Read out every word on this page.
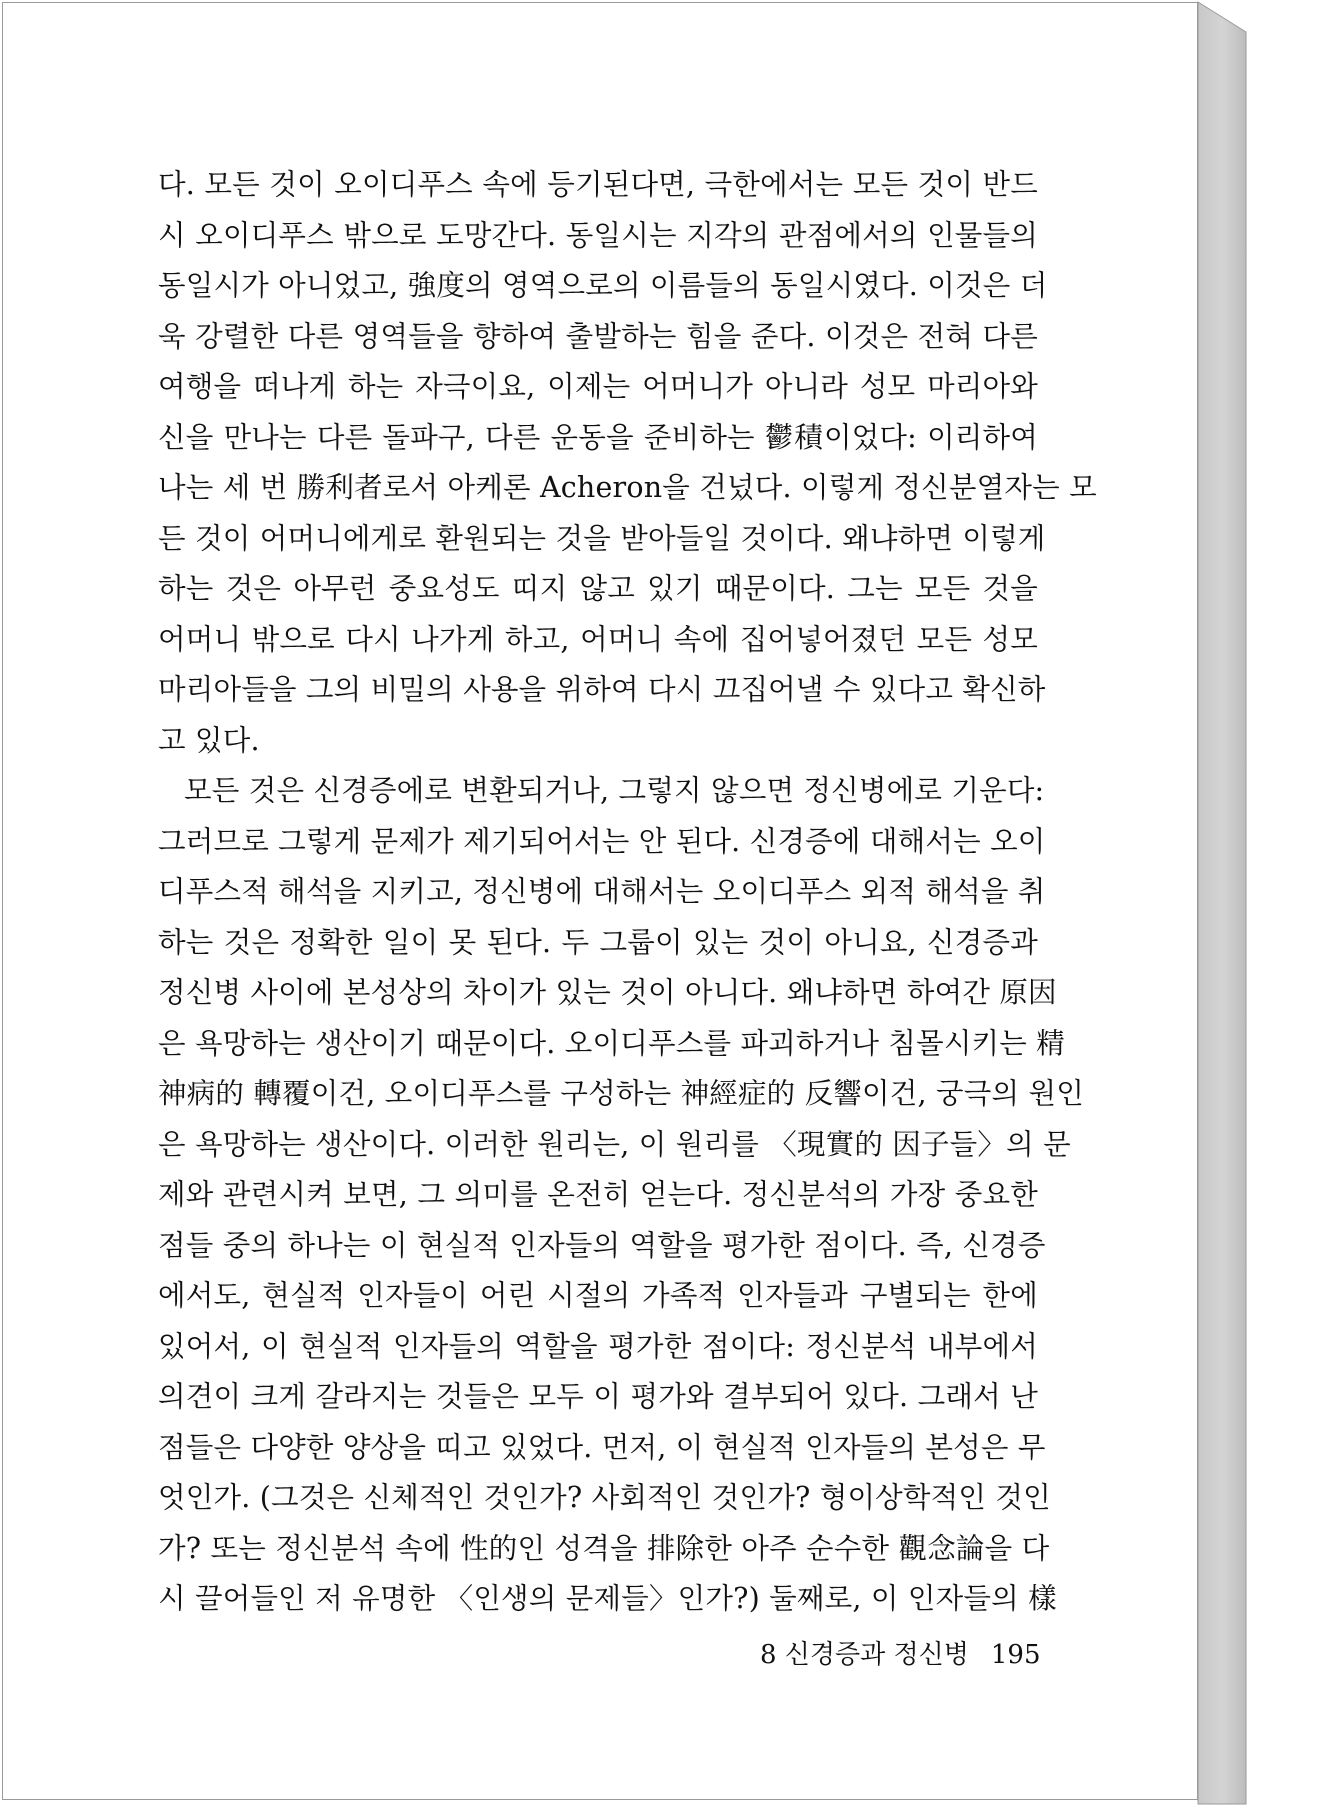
다. 모든 것이 오이디푸스 속에 등기된다면, 극한에서는 모든 것이 반드
시 오이디푸스 밖으로 도망간다. 동일시는 지각의 관점에서의 인물들의
동일시가 아니었고, 強度의 영역으로의 이름들의 동일시였다. 이것은 더
욱 강렬한 다른 영역들을 향하여 출발하는 힘을 준다. 이것은 전혀 다른
여행을 떠나게 하는 자극이요, 이제는 어머니가 아니라 성모 마리아와
신을 만나는 다른 돌파구, 다른 운동을 준비하는 鬱積이었다: 이리하여
나는 세 번 勝利者로서 아케론 Acheron을 건넜다. 이렇게 정신분열자는 모
든 것이 어머니에게로 환원되는 것을 받아들일 것이다. 왜냐하면 이렇게
하는 것은 아무런 중요성도 띠지 않고 있기 때문이다. 그는 모든 것을
어머니 밖으로 다시 나가게 하고, 어머니 속에 집어넣어졌던 모든 성모
마리아들을 그의 비밀의 사용을 위하여 다시 끄집어낼 수 있다고 확신하
고 있다.
모든 것은 신경증에로 변환되거나, 그렇지 않으면 정신병에로 기운다:
그러므로 그렇게 문제가 제기되어서는 안 된다. 신경증에 대해서는 오이
디푸스적 해석을 지키고, 정신병에 대해서는 오이디푸스 외적 해석을 취
하는 것은 정확한 일이 못 된다. 두 그룹이 있는 것이 아니요, 신경증과
정신병 사이에 본성상의 차이가 있는 것이 아니다. 왜냐하면 하여간 原因
은 욕망하는 생산이기 때문이다. 오이디푸스를 파괴하거나 침몰시키는 精
神病的 轉覆이건, 오이디푸스를 구성하는 神經症的 反響이건, 궁극의 원인
은 욕망하는 생산이다. 이러한 원리는, 이 원리를 〈現實的 因子들〉의 문
제와 관련시켜 보면, 그 의미를 온전히 얻는다. 정신분석의 가장 중요한
점들 중의 하나는 이 현실적 인자들의 역할을 평가한 점이다. 즉, 신경증
에서도, 현실적 인자들이 어린 시절의 가족적 인자들과 구별되는 한에
있어서, 이 현실적 인자들의 역할을 평가한 점이다: 정신분석 내부에서
의견이 크게 갈라지는 것들은 모두 이 평가와 결부되어 있다. 그래서 난
점들은 다양한 양상을 띠고 있었다. 먼저, 이 현실적 인자들의 본성은 무
엇인가. (그것은 신체적인 것인가? 사회적인 것인가? 형이상학적인 것인
가? 또는 정신분석 속에 性的인 성격을 排除한 아주 순수한 觀念論을 다
시 끌어들인 저 유명한 〈인생의 문제들〉인가?) 둘째로, 이 인자들의 樣
8 신경증과 정신병 195
